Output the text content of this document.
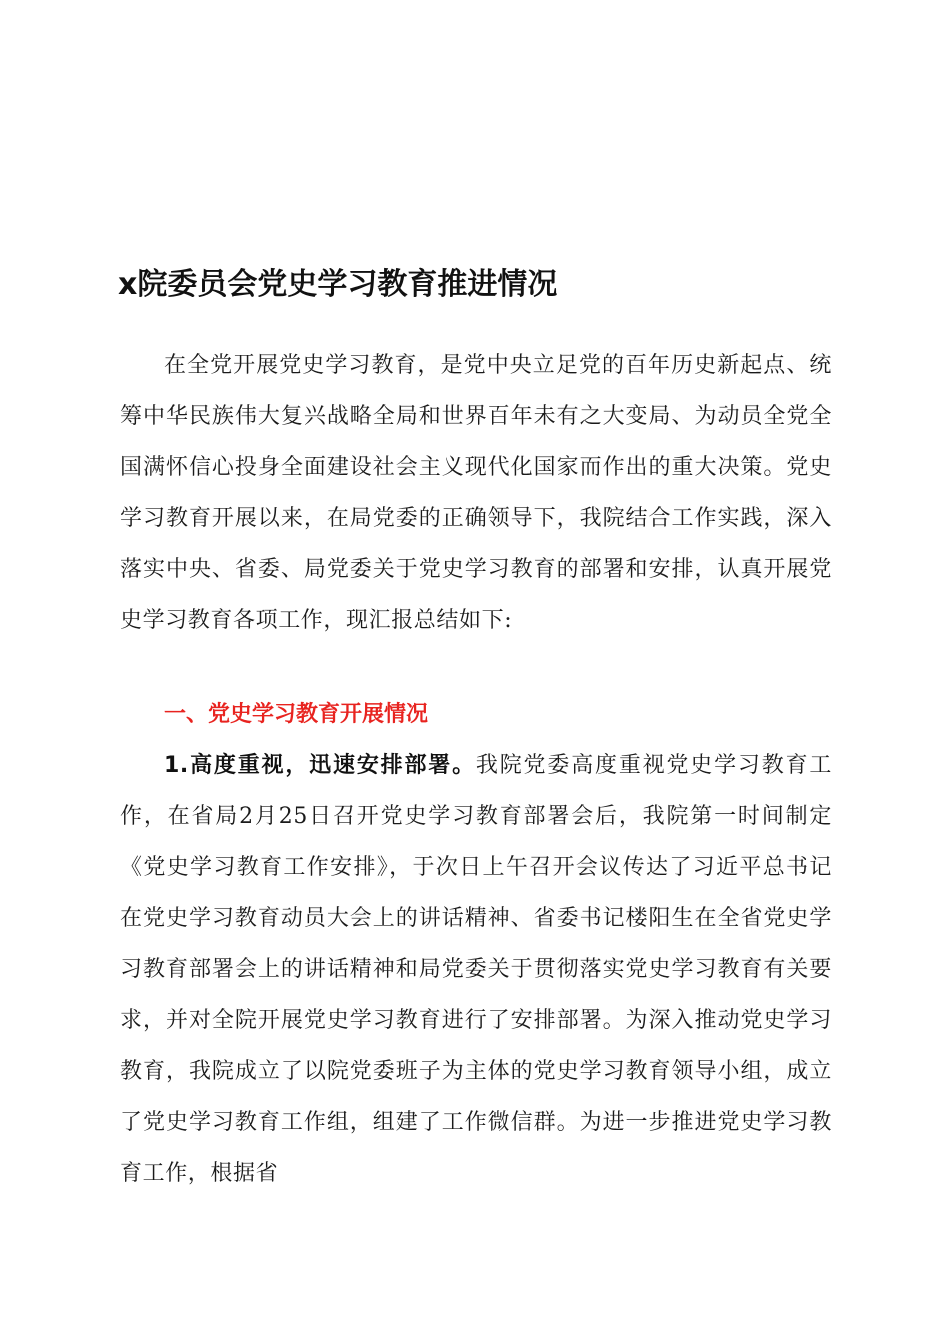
x院委员会党史学习教育推进情况

在全党开展党史学习教育，是党中央立足党的百年历史新起点、统筹中华民族伟大复兴战略全局和世界百年未有之大变局、为动员全党全国满怀信心投身全面建设社会主义现代化国家而作出的重大决策。党史学习教育开展以来，在局党委的正确领导下，我院结合工作实践，深入落实中央、省委、局党委关于党史学习教育的部署和安排，认真开展党史学习教育各项工作，现汇报总结如下:

一、党史学习教育开展情况

1.高度重视，迅速安排部署。我院党委高度重视党史学习教育工作，在省局2月25日召开党史学习教育部署会后，我院第一时间制定《党史学习教育工作安排》，于次日上午召开会议传达了习近平总书记在党史学习教育动员大会上的讲话精神、省委书记楼阳生在全省党史学习教育部署会上的讲话精神和局党委关于贯彻落实党史学习教育有关要求，并对全院开展党史学习教育进行了安排部署。为深入推动党史学习教育，我院成立了以院党委班子为主体的党史学习教育领导小组，成立了党史学习教育工作组，组建了工作微信群。为进一步推进党史学习教育工作，根据省
